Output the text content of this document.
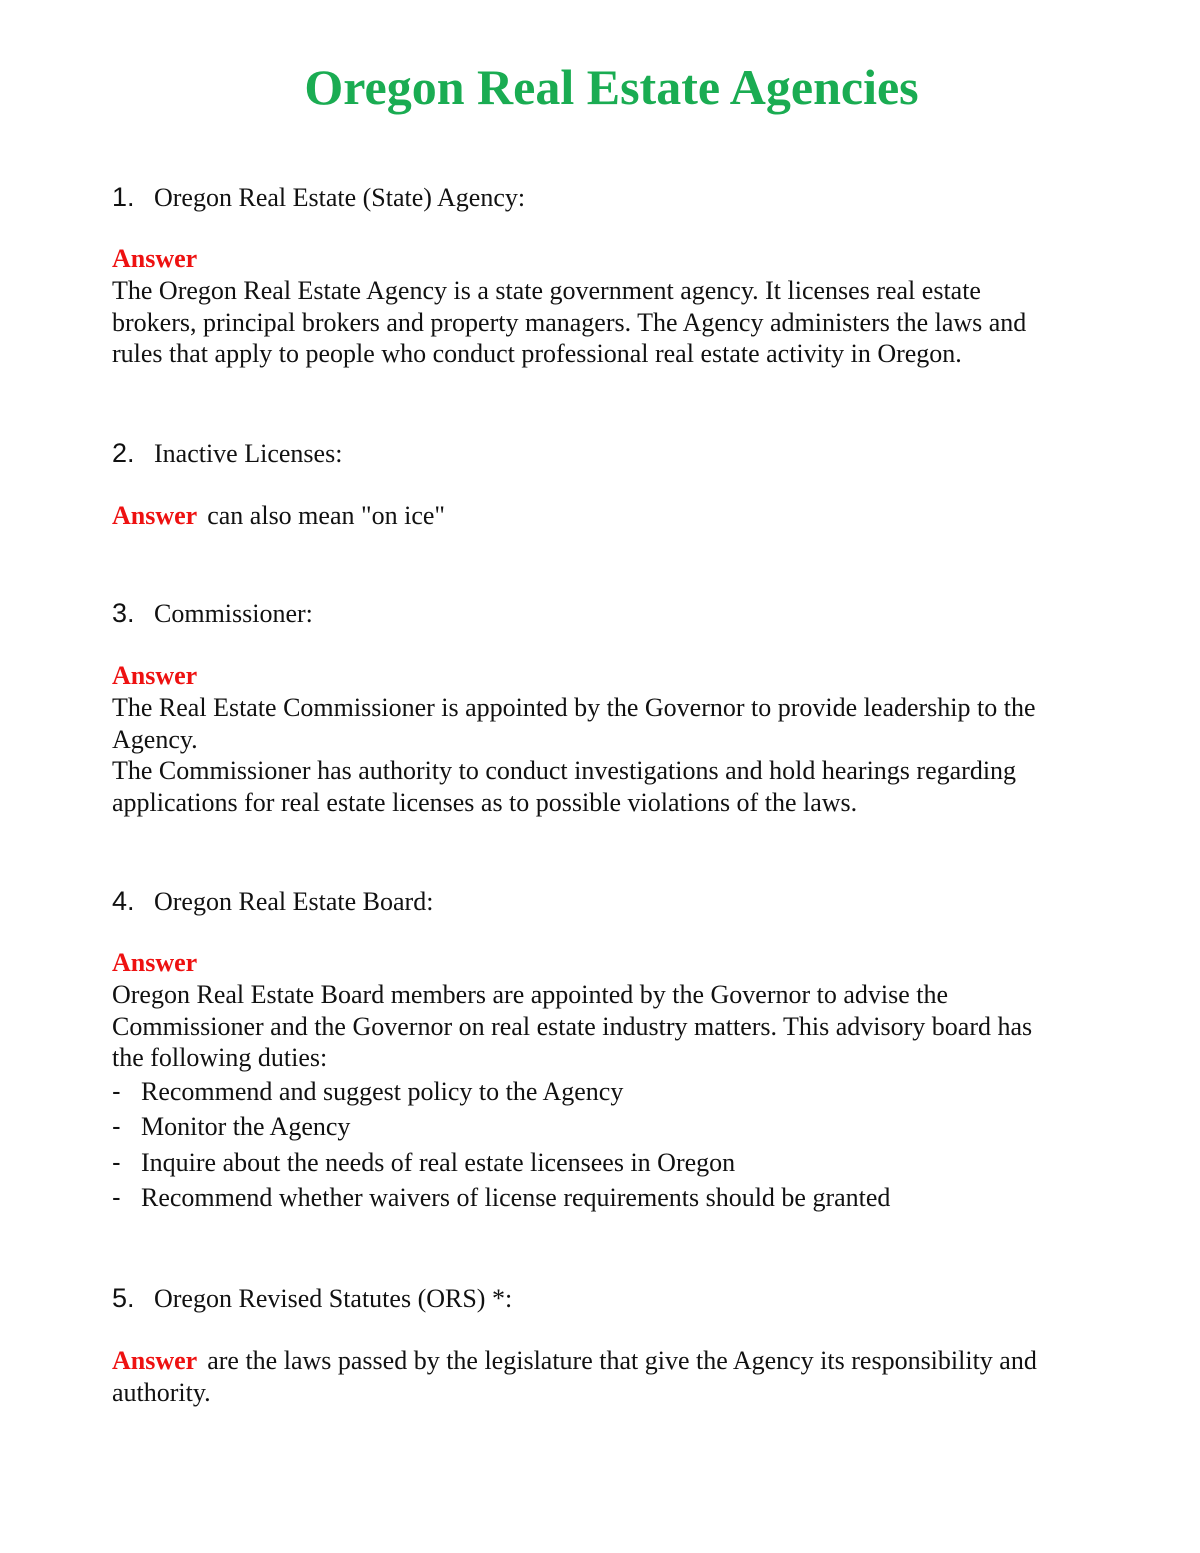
Oregon Real Estate Agencies
1. Oregon Real Estate (State) Agency:
Answer
The Oregon Real Estate Agency is a state government agency. It licenses real estate
brokers, principal brokers and property managers. The Agency administers the laws and
rules that apply to people who conduct professional real estate activity in Oregon.
2. Inactive Licenses:
Answer can also mean "on ice"
3. Commissioner:
Answer
The Real Estate Commissioner is appointed by the Governor to provide leadership to the
Agency.
The Commissioner has authority to conduct investigations and hold hearings regarding
applications for real estate licenses as to possible violations of the laws.
4. Oregon Real Estate Board:
Answer
Oregon Real Estate Board members are appointed by the Governor to advise the
Commissioner and the Governor on real estate industry matters. This advisory board has
the following duties:
- Recommend and suggest policy to the Agency
- Monitor the Agency
- Inquire about the needs of real estate licensees in Oregon
- Recommend whether waivers of license requirements should be granted
5. Oregon Revised Statutes (ORS) *:
Answer are the laws passed by the legislature that give the Agency its responsibility and
authority.
